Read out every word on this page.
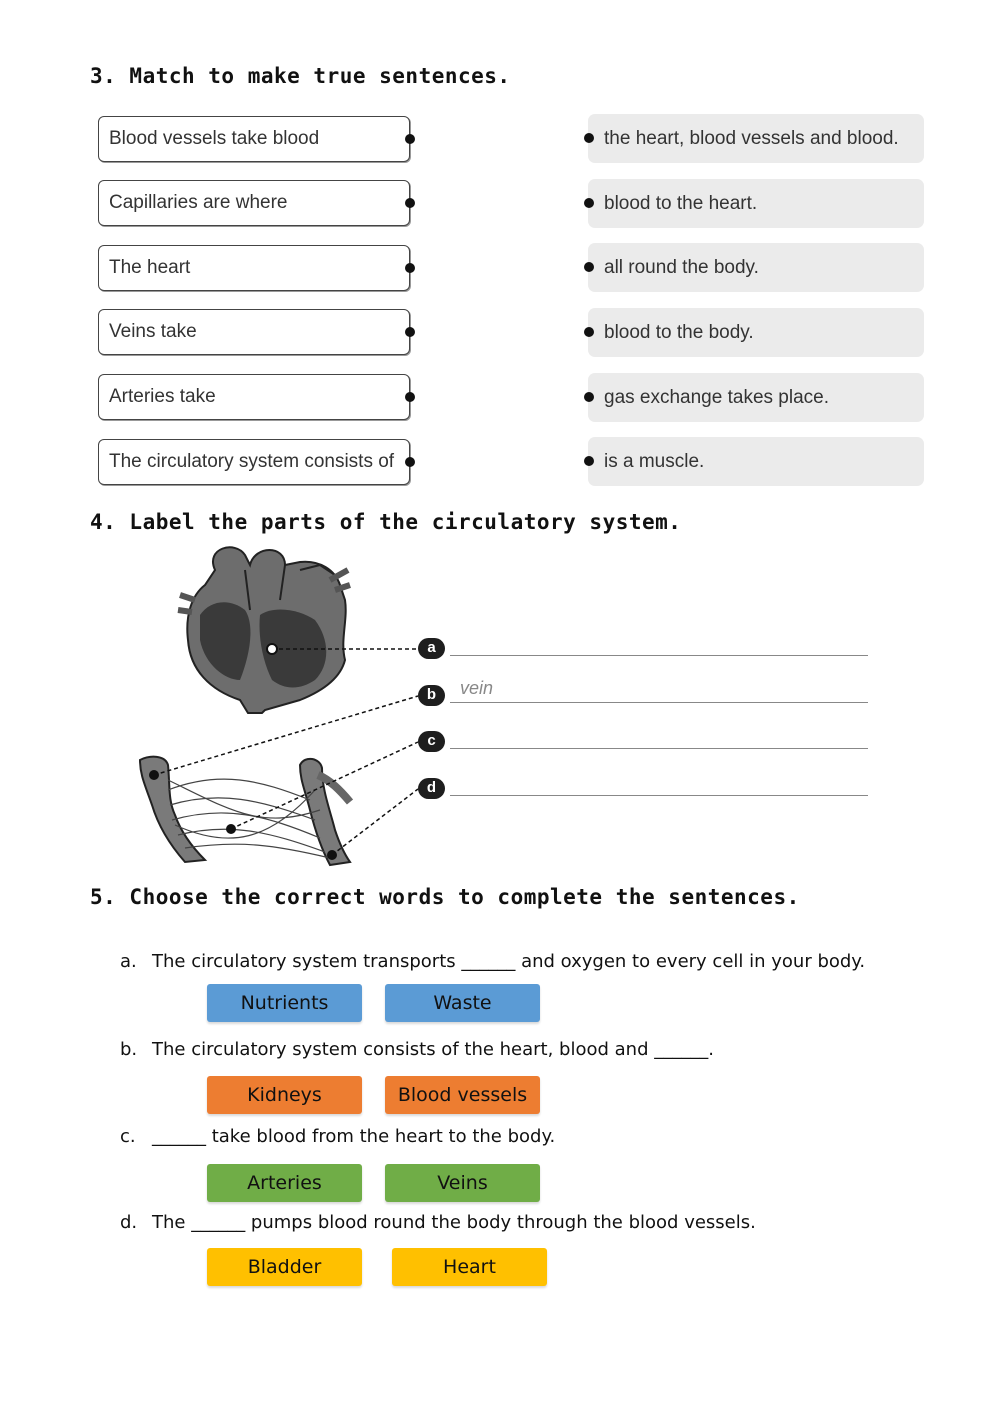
3. Match to make true sentences.
Blood vessels take blood
Capillaries are where
The heart
Veins take
Arteries take
The circulatory system consists of
the heart, blood vessels and blood.
blood to the heart.
all round the body.
blood to the body.
gas exchange takes place.
is a muscle.
4. Label the parts of the circulatory system.
a
b	vein
c
d
5. Choose the correct words to complete the sentences.
a. The circulatory system transports ______ and oxygen to every cell in your body.
Nutrients	Waste
b. The circulatory system consists of the heart, blood and ______.
Kidneys	Blood vessels
c. ______ take blood from the heart to the body.
Arteries	Veins
d. The ______ pumps blood round the body through the blood vessels.
Bladder	Heart
